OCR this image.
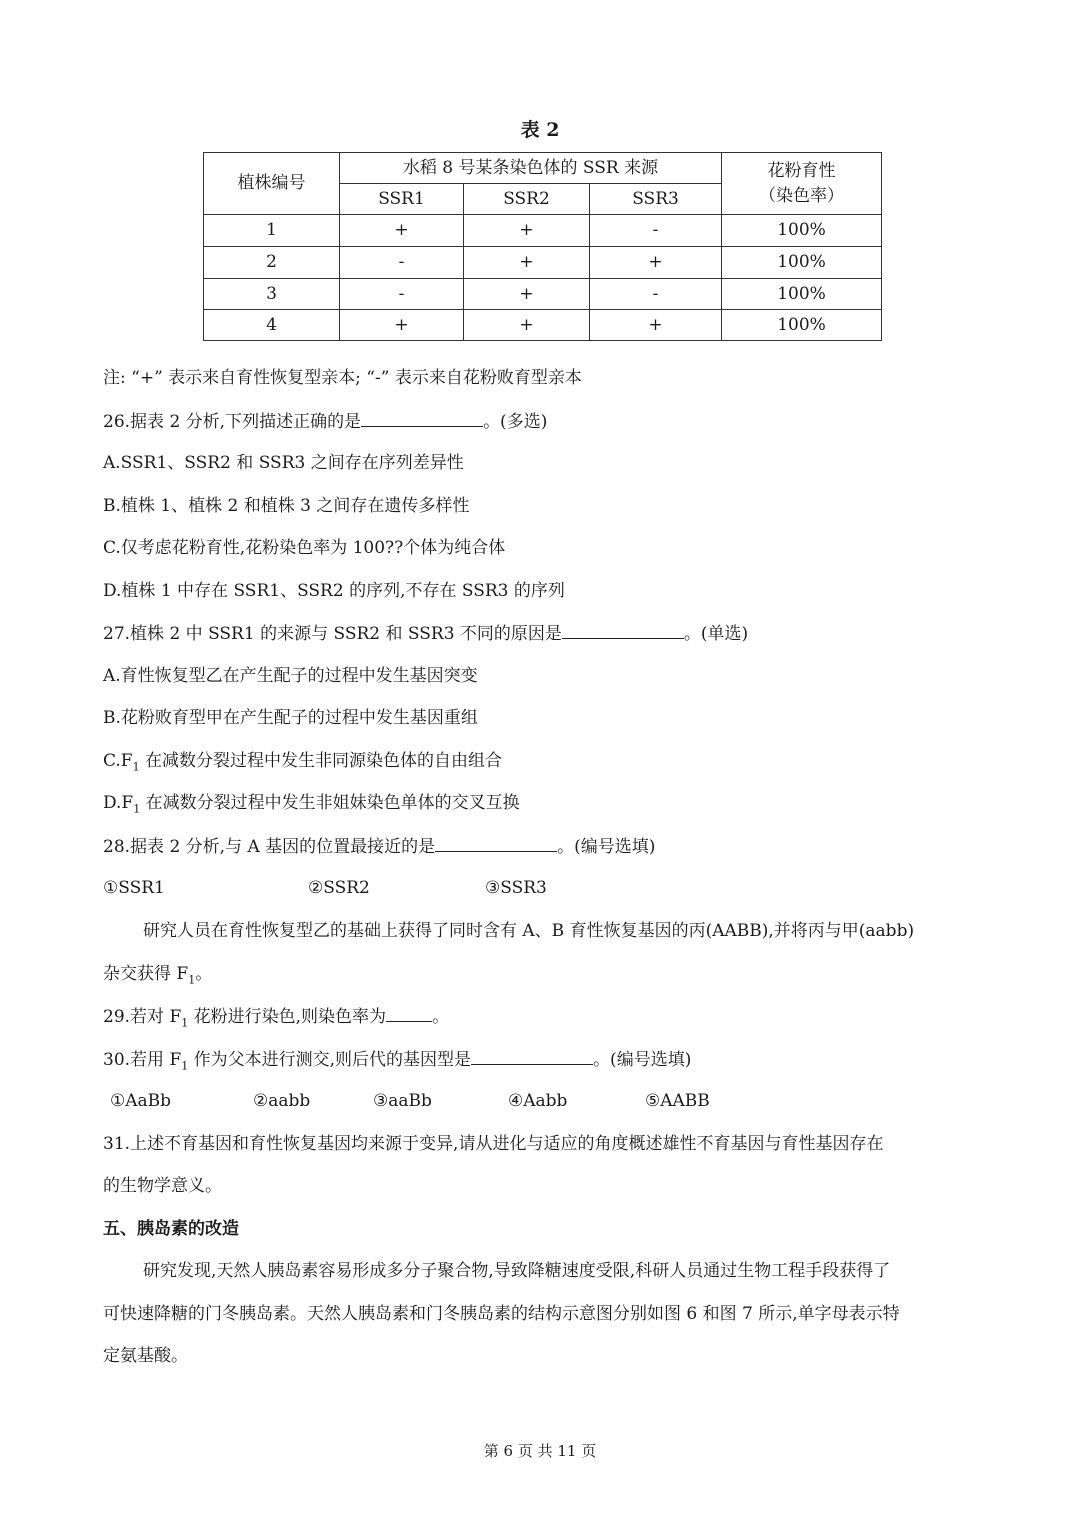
表 2
植株编号	水稻 8 号某条染色体的 SSR 来源			花粉育性
（染色率）

	SSR1	SSR2	SSR3	
1	+	+	-	100%
2	-	+	+	100%
3	-	+	-	100%
4	+	+	+	100%
注: “+” 表示来自育性恢复型亲本; “-” 表示来自花粉败育型亲本
26.据表 2 分析,下列描述正确的是	。(多选)
A.SSR1、SSR2 和 SSR3 之间存在序列差异性
B.植株 1、植株 2 和植株 3 之间存在遗传多样性
C.仅考虑花粉育性,花粉染色率为 100??个体为纯合体
D.植株 1 中存在 SSR1、SSR2 的序列,不存在 SSR3 的序列
27.植株 2 中 SSR1 的来源与 SSR2 和 SSR3 不同的原因是	。(单选)
A.育性恢复型乙在产生配子的过程中发生基因突变
B.花粉败育型甲在产生配子的过程中发生基因重组
$C.F_1$ 在减数分裂过程中发生非同源染色体的自由组合
$D.F_1$ 在减数分裂过程中发生非姐妹染色单体的交叉互换
28.据表 2 分析,与 A 基因的位置最接近的是	。(编号选填)
①SSR1	②SSR2	③SSR3
研究人员在育性恢复型乙的基础上获得了同时含有 A、B 育性恢复基因的丙(AABB),并将丙与甲(aabb)
杂交获得 $F_1$。
29.若对 $F_1$ 花粉进行染色,则染色率为	。
30.若用 $F_1$ 作为父本进行测交,则后代的基因型是	。(编号选填)
①AaBb	②aabb	③aaBb	④Aabb	⑤AABB
31.上述不育基因和育性恢复基因均来源于变异,请从进化与适应的角度概述雄性不育基因与育性基因存在
的生物学意义。
五、胰岛素的改造
研究发现,天然人胰岛素容易形成多分子聚合物,导致降糖速度受限,科研人员通过生物工程手段获得了
可快速降糖的门冬胰岛素。天然人胰岛素和门冬胰岛素的结构示意图分别如图 6 和图 7 所示,单字母表示特
定氨基酸。
第 6 页 共 11 页
